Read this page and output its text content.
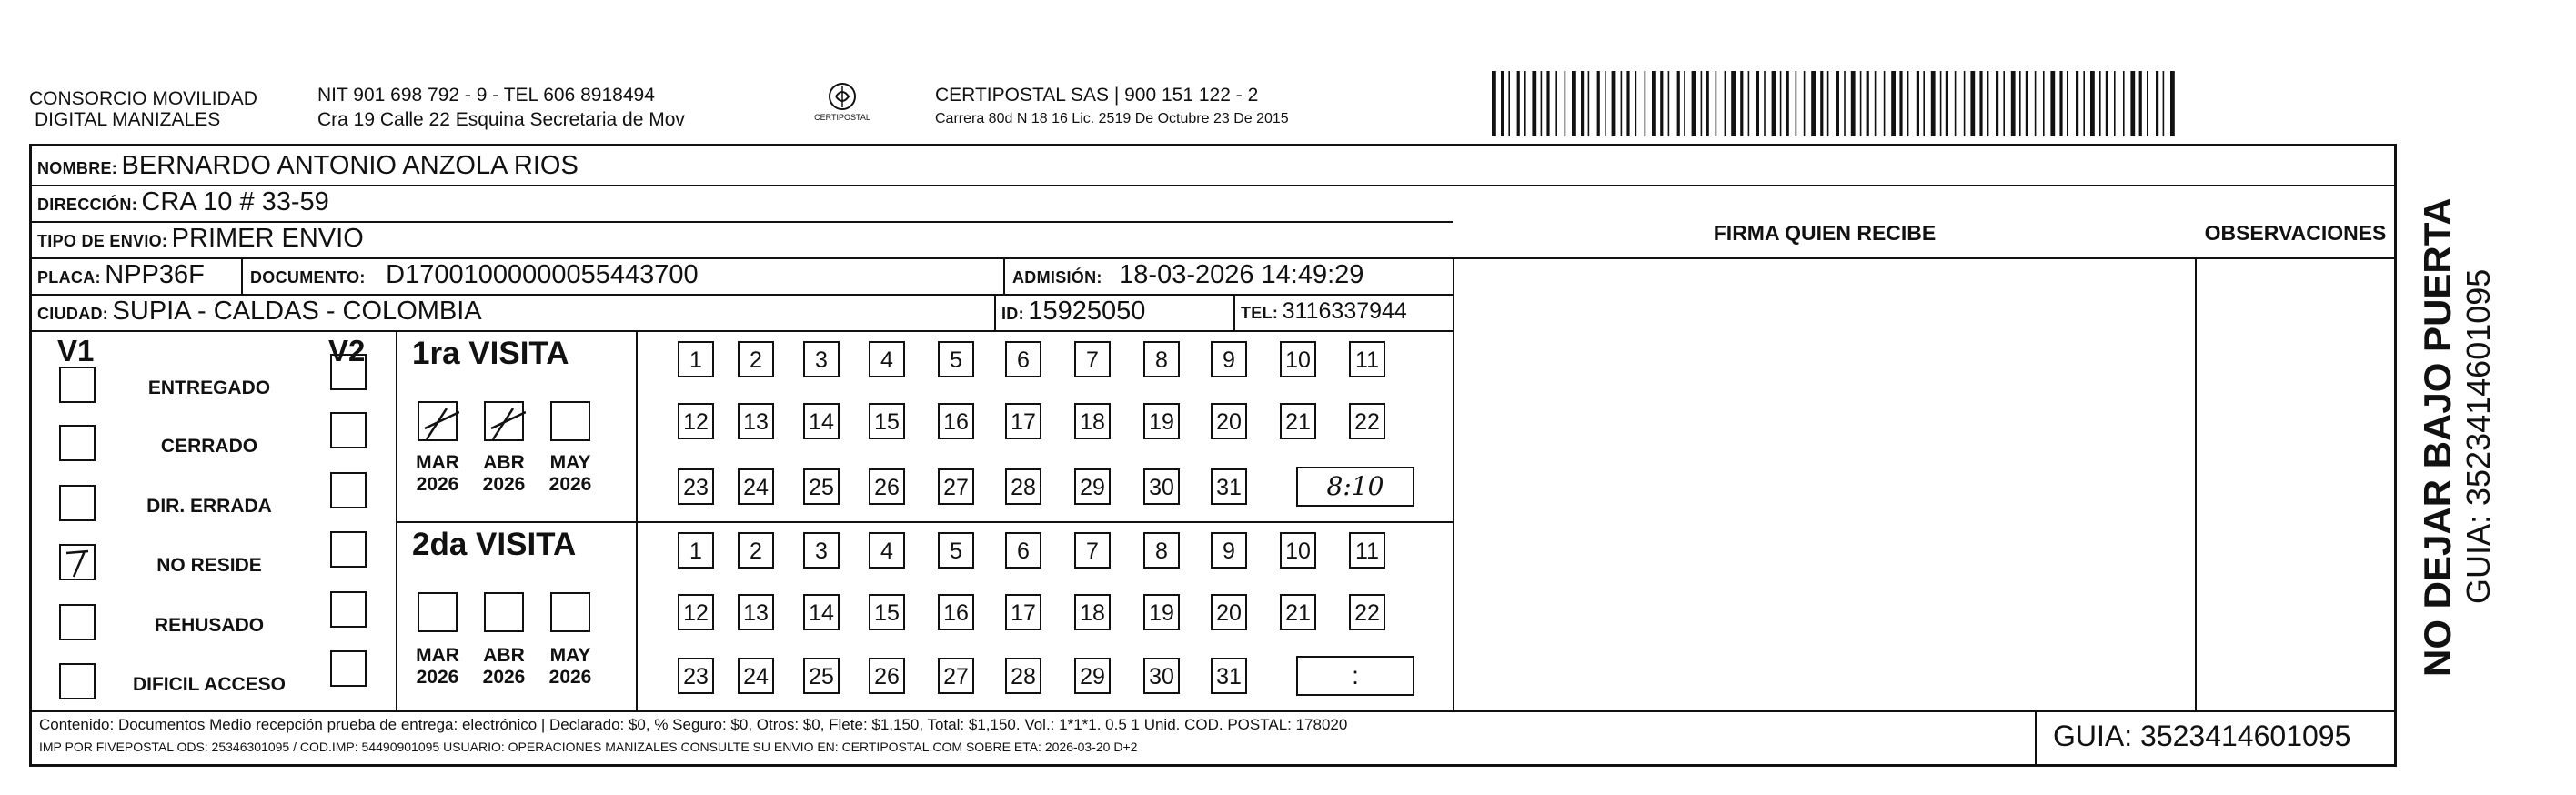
CONSORCIO MOVILIDAD
DIGITAL MANIZALES
NIT 901 698 792 - 9 - TEL 606 8918494
Cra 19 Calle 22 Esquina Secretaria de Mov	CERTIPOSTAL
CERTIPOSTAL SAS | 900 151 122 - 2
Carrera 80d N 18 16 Lic. 2519 De Octubre 23 De 2015
NOMBRE: BERNARDO ANTONIO ANZOLA RIOS
DIRECCIÓN: CRA 10 # 33-59
TIPO DE ENVIO: PRIMER ENVIO
PLACA: NPP36F	DOCUMENTO: D17001000000055443700	ADMISIÓN: 18-03-2026 14:49:29
CIUDAD: SUPIA - CALDAS - COLOMBIA	ID: 15925050	TEL: 3116337944
FIRMA QUIEN RECIBE	OBSERVACIONES
V1	V2
ENTREGADO
CERRADO
DIR. ERRADA
NO RESIDE
REHUSADO
DIFICIL ACCESO
1ra VISITA
2da VISITA
MAR
2026
ABR
2026
MAY
2026
1	2	3	4	5	6	7	8	9	10 11
12 13 14 15 16 17 18 19 20 21 22
23 24 25 26 27 28 29 30 31	8:10
MAR
2026
ABR
2026
MAY
2026
1	2	3	4	5	6	7	8	9	10 11
12 13 14 15 16 17 18 19 20 21 22
23 24 25 26 27 28 29 30 31	:
Contenido: Documentos Medio recepción prueba de entrega: electrónico | Declarado: $0, % Seguro: $0, Otros: $0, Flete: $1,150, Total: $1,150. Vol.: 1*1*1. 0.5 1 Unid. COD. POSTAL: 178020
IMP POR FIVEPOSTAL ODS: 25346301095 / COD.IMP: 54490901095 USUARIO: OPERACIONES MANIZALES CONSULTE SU ENVIO EN: CERTIPOSTAL.COM SOBRE ETA: 2026-03-20 D+2	GUIA: 3523414601095
NO DEJAR BAJO PUERTA GUIA: 3523414601095
